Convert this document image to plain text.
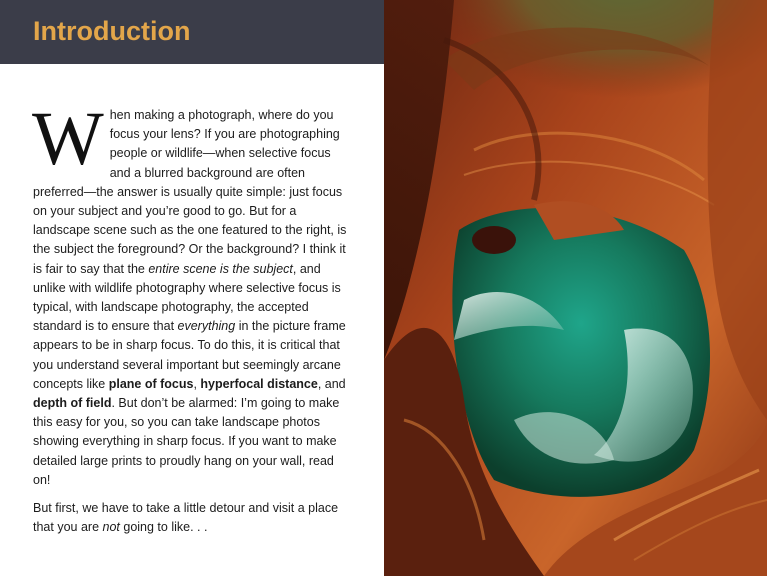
Introduction

When making a photograph, where do you focus your lens? If you are photographing people or wildlife—when selective focus and a blurred background are often preferred—the answer is usually quite simple: just focus on your subject and you’re good to go. But for a landscape scene such as the one featured to the right, is the subject the foreground? Or the background? I think it is fair to say that the entire scene is the subject, and unlike with wildlife photography where selective focus is typical, with landscape photography, the accepted standard is to ensure that everything in the picture frame appears to be in sharp focus. To do this, it is critical that you understand several important but seemingly arcane concepts like plane of focus, hyperfocal distance, and depth of field. But don’t be alarmed: I’m going to make this easy for you, so you can take landscape photos showing everything in sharp focus. If you want to make detailed large prints to proudly hang on your wall, read on!

But first, we have to take a little detour and visit a place that you are not going to like. . .
